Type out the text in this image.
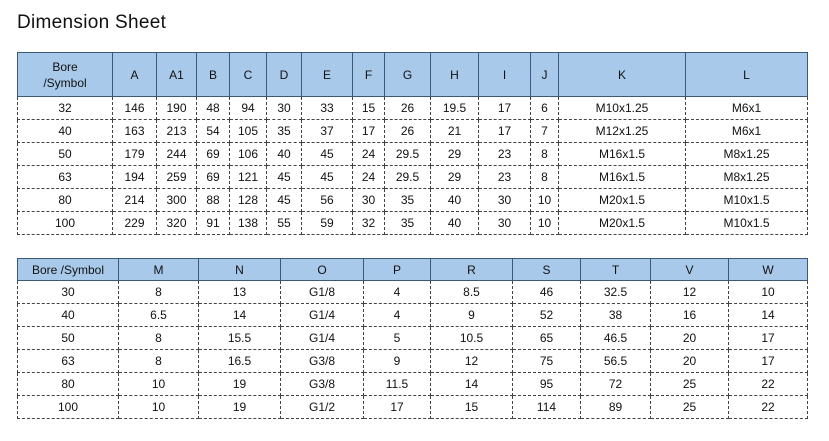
Dimension Sheet
Bore
/Symbol	A	A1	B	C	D	E	F	G	H	I	J	K	L
32	146	190	48	94	30	33	15	26	19.5	17	6	M10x1.25	M6x1
40	163	213	54	105	35	37	17	26	21	17	7	M12x1.25	M6x1
50	179	244	69	106	40	45	24	29.5	29	23	8	M16x1.5	M8x1.25
63	194	259	69	121	45	45	24	29.5	29	23	8	M16x1.5	M8x1.25
80	214	300	88	128	45	56	30	35	40	30	10	M20x1.5	M10x1.5
100	229	320	91	138	55	59	32	35	40	30	10	M20x1.5	M10x1.5
Bore /Symbol	M	N	O	P	R	S	T	V	W
30	8	13	G1/8	4	8.5	46	32.5	12	10
40	6.5	14	G1/4	4	9	52	38	16	14
50	8	15.5	G1/4	5	10.5	65	46.5	20	17
63	8	16.5	G3/8	9	12	75	56.5	20	17
80	10	19	G3/8	11.5	14	95	72	25	22
100	10	19	G1/2	17	15	114	89	25	22
